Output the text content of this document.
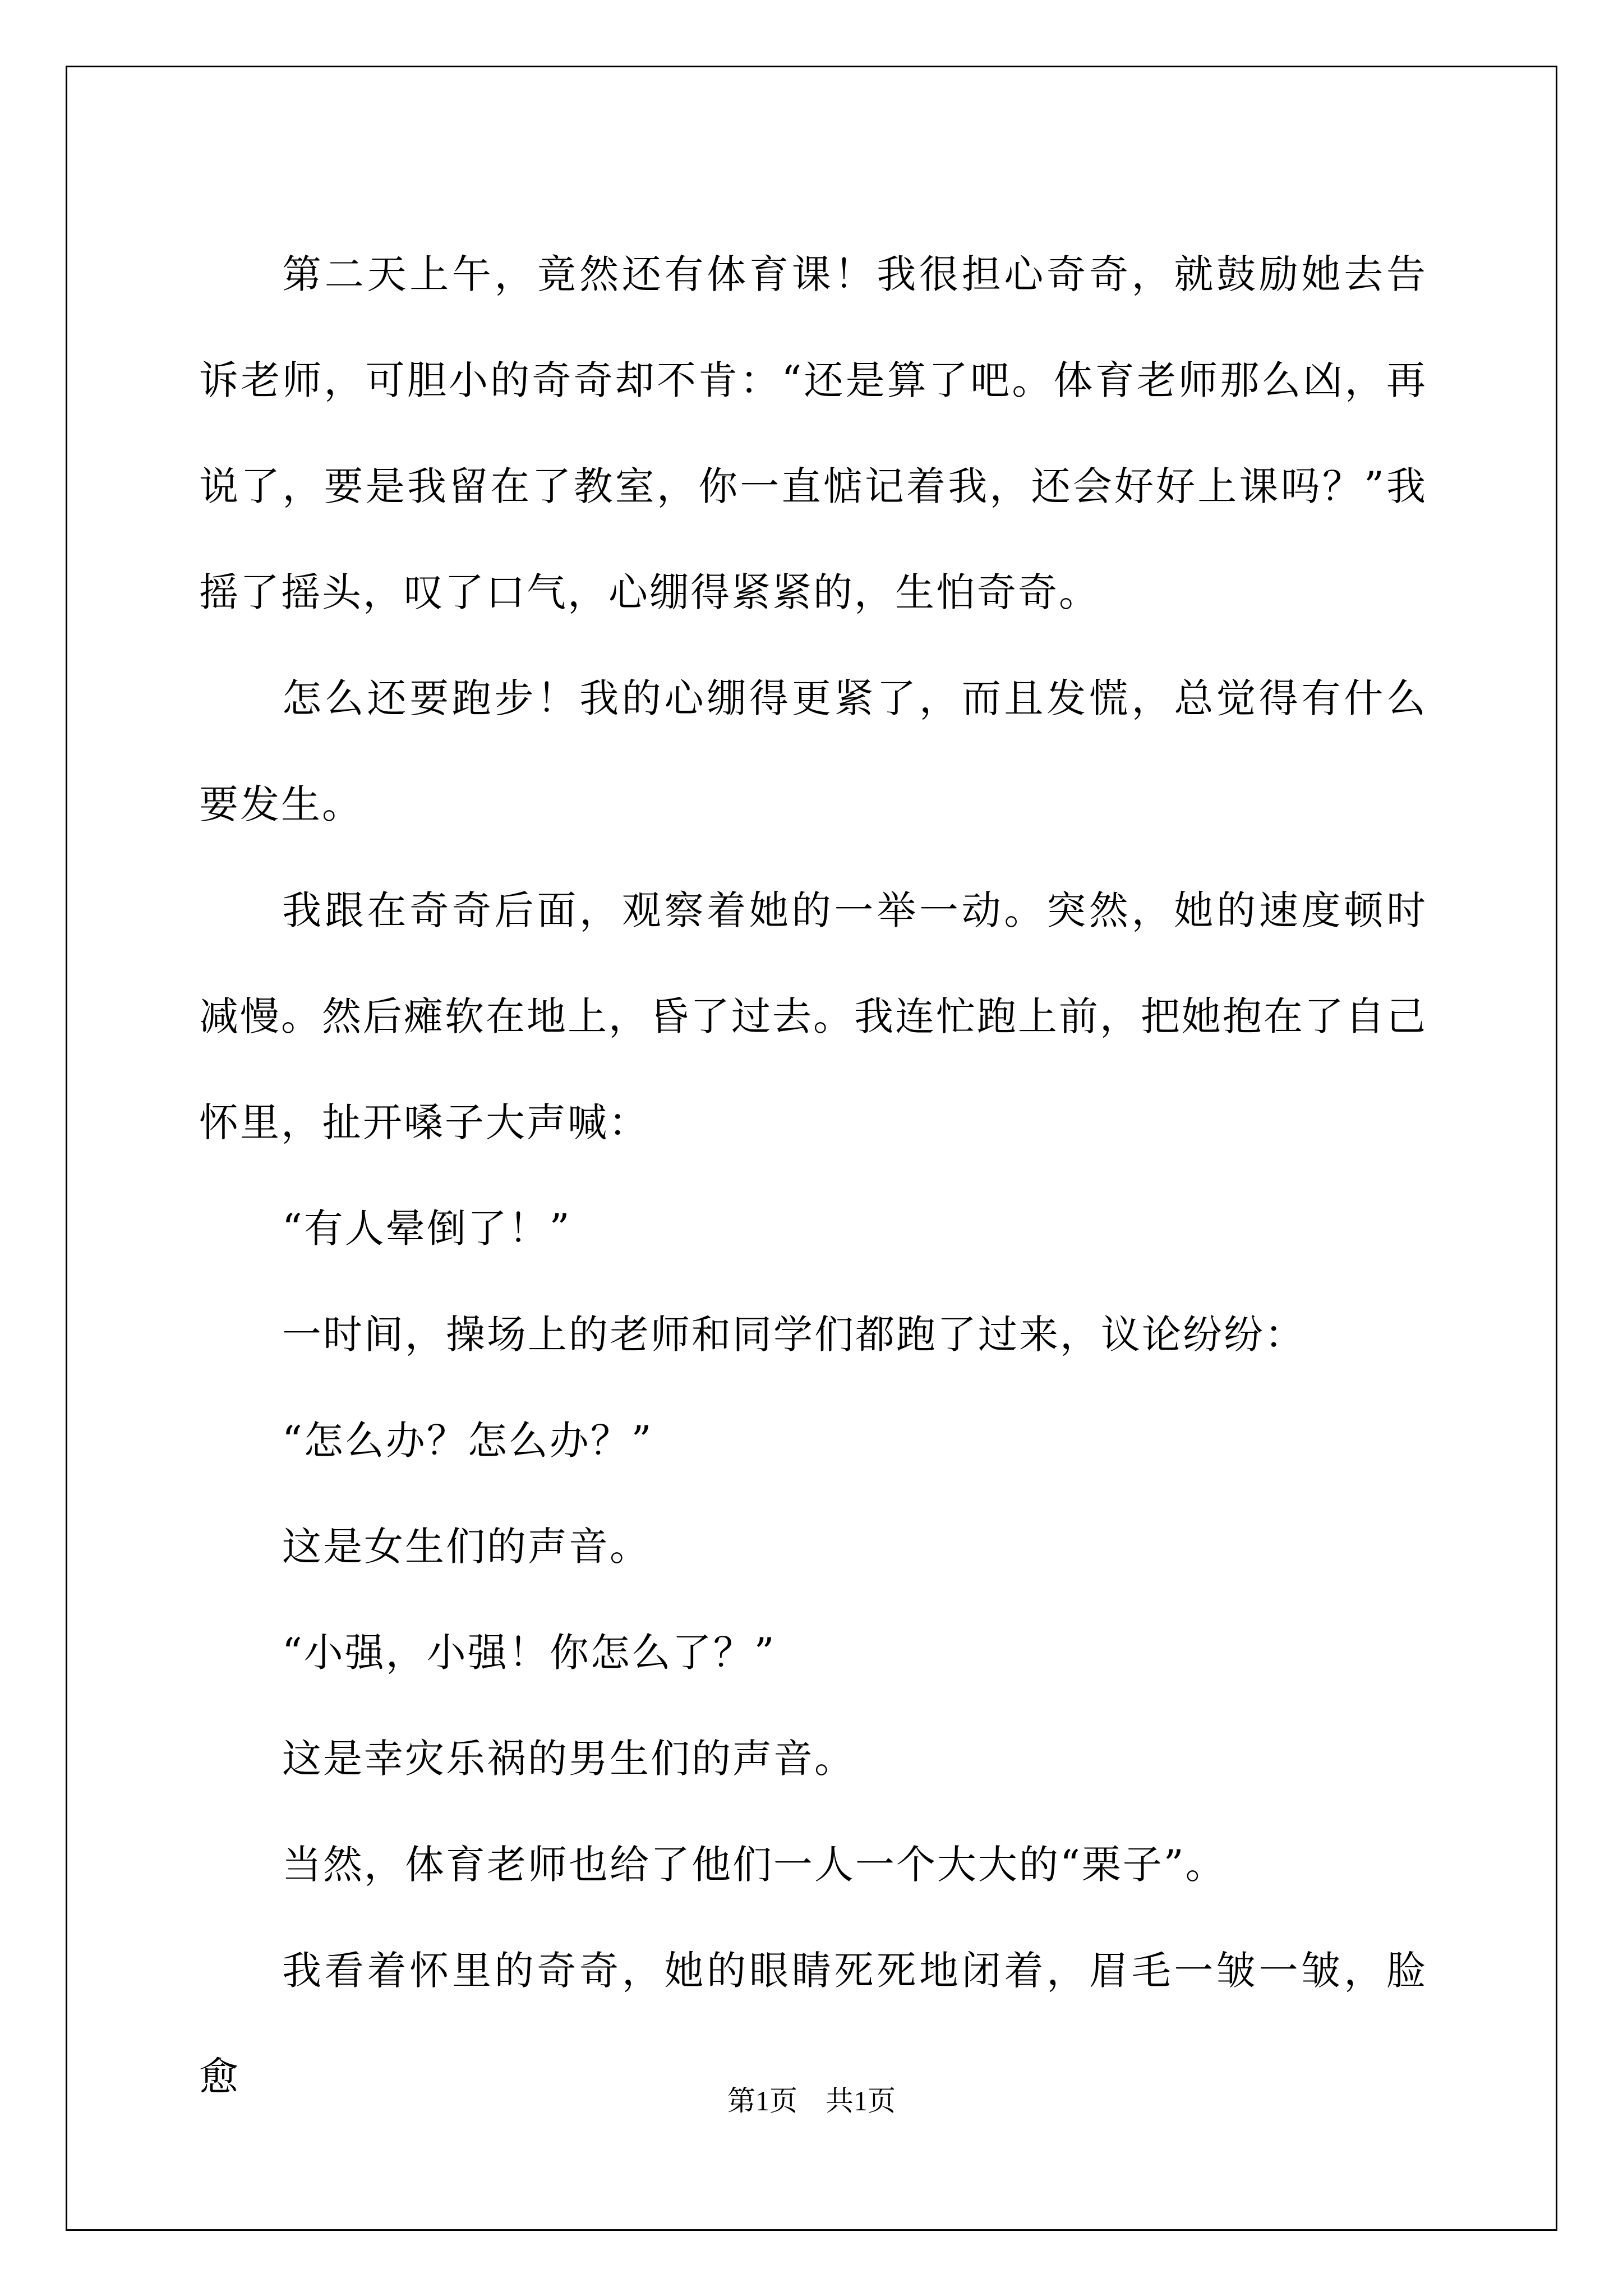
第二天上午，竟然还有体育课！我很担心奇奇，就鼓励她去告诉老师，可胆小的奇奇却不肯：“还是算了吧。体育老师那么凶，再说了，要是我留在了教室，你一直惦记着我，还会好好上课吗？”我摇了摇头，叹了口气，心绷得紧紧的，生怕奇奇。

怎么还要跑步！我的心绷得更紧了，而且发慌，总觉得有什么要发生。

我跟在奇奇后面，观察着她的一举一动。突然，她的速度顿时减慢。然后瘫软在地上，昏了过去。我连忙跑上前，把她抱在了自己怀里，扯开嗓子大声喊：

“有人晕倒了！”

一时间，操场上的老师和同学们都跑了过来，议论纷纷：

“怎么办？怎么办？”

这是女生们的声音。

“小强，小强！你怎么了？”

这是幸灾乐祸的男生们的声音。

当然，体育老师也给了他们一人一个大大的“栗子”。

我看着怀里的奇奇，她的眼睛死死地闭着，眉毛一皱一皱，脸愈

第1页　共1页
